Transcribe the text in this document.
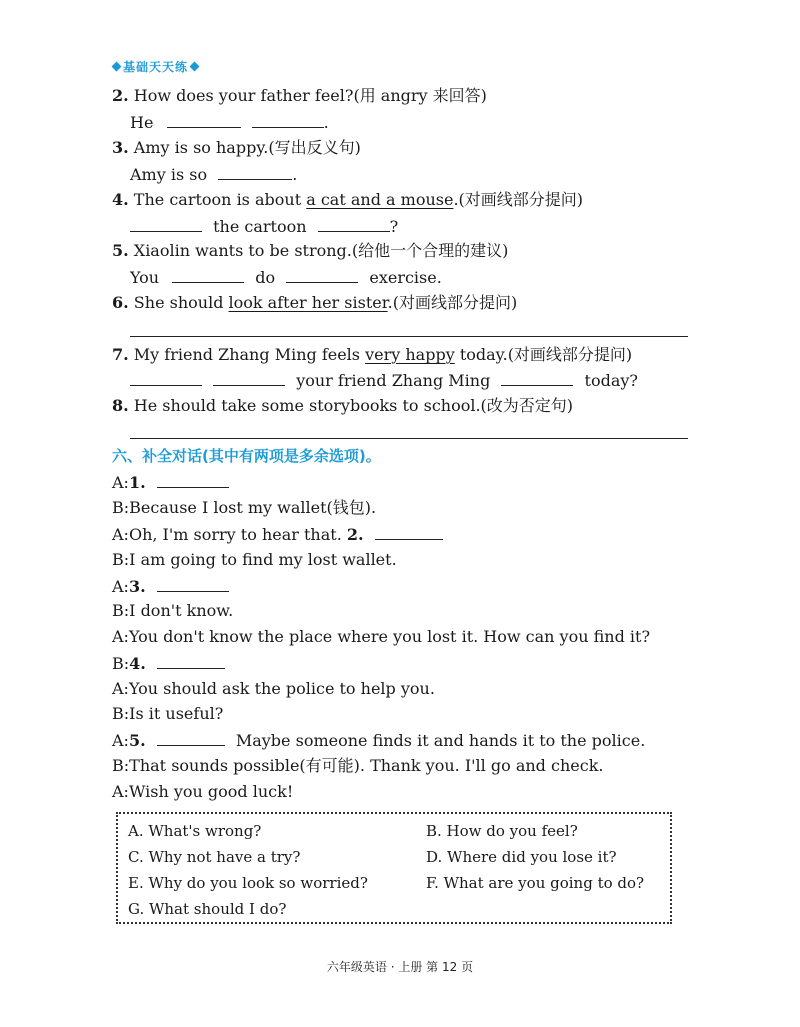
基础天天练
2. How does your father feel?(用 angry 来回答)
He	.
3. Amy is so happy.(写出反义句)
Amy is so	.
4. The cartoon is about a cat and a mouse.(对画线部分提问)
the cartoon	?
5. Xiaolin wants to be strong.(给他一个合理的建议)
You	do	exercise.
6. She should look after her sister.(对画线部分提问)
7. My friend Zhang Ming feels very happy today.(对画线部分提问)
your friend Zhang Ming	today?
8. He should take some storybooks to school.(改为否定句)
六、补全对话(其中有两项是多余选项)。
A:1.
B:Because I lost my wallet(钱包).
A:Oh, I'm sorry to hear that. 2.
B:I am going to find my lost wallet.
A:3.
B:I don't know.
A:You don't know the place where you lost it. How can you find it?
B:4.
A:You should ask the police to help you.
B:Is it useful?
A:5.	Maybe someone finds it and hands it to the police.
B:That sounds possible(有可能). Thank you. I'll go and check.
A:Wish you good luck!
A. What's wrong?	B. How do you feel?
C. Why not have a try?	D. Where did you lose it?
E. Why do you look so worried?	F. What are you going to do?
G. What should I do?
六年级英语 · 上册 第 12 页
